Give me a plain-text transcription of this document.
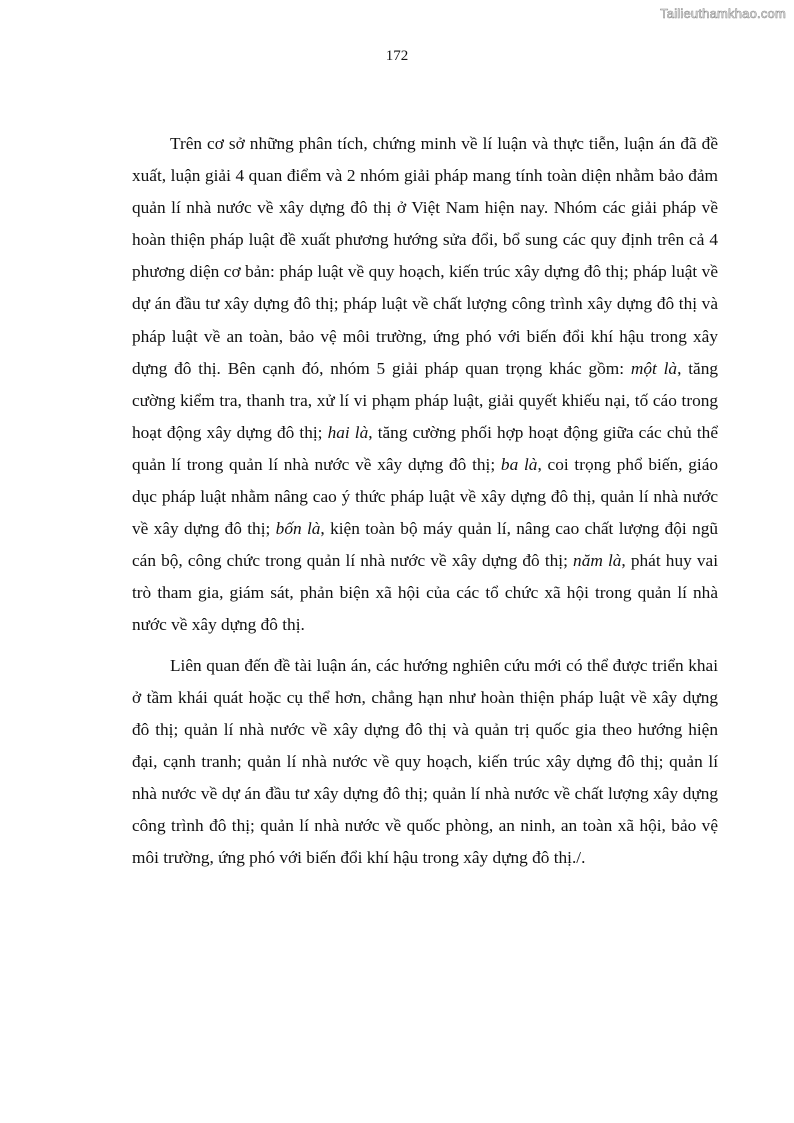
Tailieuthamkhao.com
172

Trên cơ sở những phân tích, chứng minh về lí luận và thực tiễn, luận án đã đề xuất, luận giải 4 quan điểm và 2 nhóm giải pháp mang tính toàn diện nhằm bảo đảm quản lí nhà nước về xây dựng đô thị ở Việt Nam hiện nay. Nhóm các giải pháp về hoàn thiện pháp luật đề xuất phương hướng sửa đổi, bổ sung các quy định trên cả 4 phương diện cơ bản: pháp luật về quy hoạch, kiến trúc xây dựng đô thị; pháp luật về dự án đầu tư xây dựng đô thị; pháp luật về chất lượng công trình xây dựng đô thị và pháp luật về an toàn, bảo vệ môi trường, ứng phó với biến đổi khí hậu trong xây dựng đô thị. Bên cạnh đó, nhóm 5 giải pháp quan trọng khác gồm: một là, tăng cường kiểm tra, thanh tra, xử lí vi phạm pháp luật, giải quyết khiếu nại, tố cáo trong hoạt động xây dựng đô thị; hai là, tăng cường phối hợp hoạt động giữa các chủ thể quản lí trong quản lí nhà nước về xây dựng đô thị; ba là, coi trọng phổ biến, giáo dục pháp luật nhằm nâng cao ý thức pháp luật về xây dựng đô thị, quản lí nhà nước về xây dựng đô thị; bốn là, kiện toàn bộ máy quản lí, nâng cao chất lượng đội ngũ cán bộ, công chức trong quản lí nhà nước về xây dựng đô thị; năm là, phát huy vai trò tham gia, giám sát, phản biện xã hội của các tổ chức xã hội trong quản lí nhà nước về xây dựng đô thị.

Liên quan đến đề tài luận án, các hướng nghiên cứu mới có thể được triển khai ở tầm khái quát hoặc cụ thể hơn, chẳng hạn như hoàn thiện pháp luật về xây dựng đô thị; quản lí nhà nước về xây dựng đô thị và quản trị quốc gia theo hướng hiện đại, cạnh tranh; quản lí nhà nước về quy hoạch, kiến trúc xây dựng đô thị; quản lí nhà nước về dự án đầu tư xây dựng đô thị; quản lí nhà nước về chất lượng xây dựng công trình đô thị; quản lí nhà nước về quốc phòng, an ninh, an toàn xã hội, bảo vệ môi trường, ứng phó với biến đổi khí hậu trong xây dựng đô thị./.
